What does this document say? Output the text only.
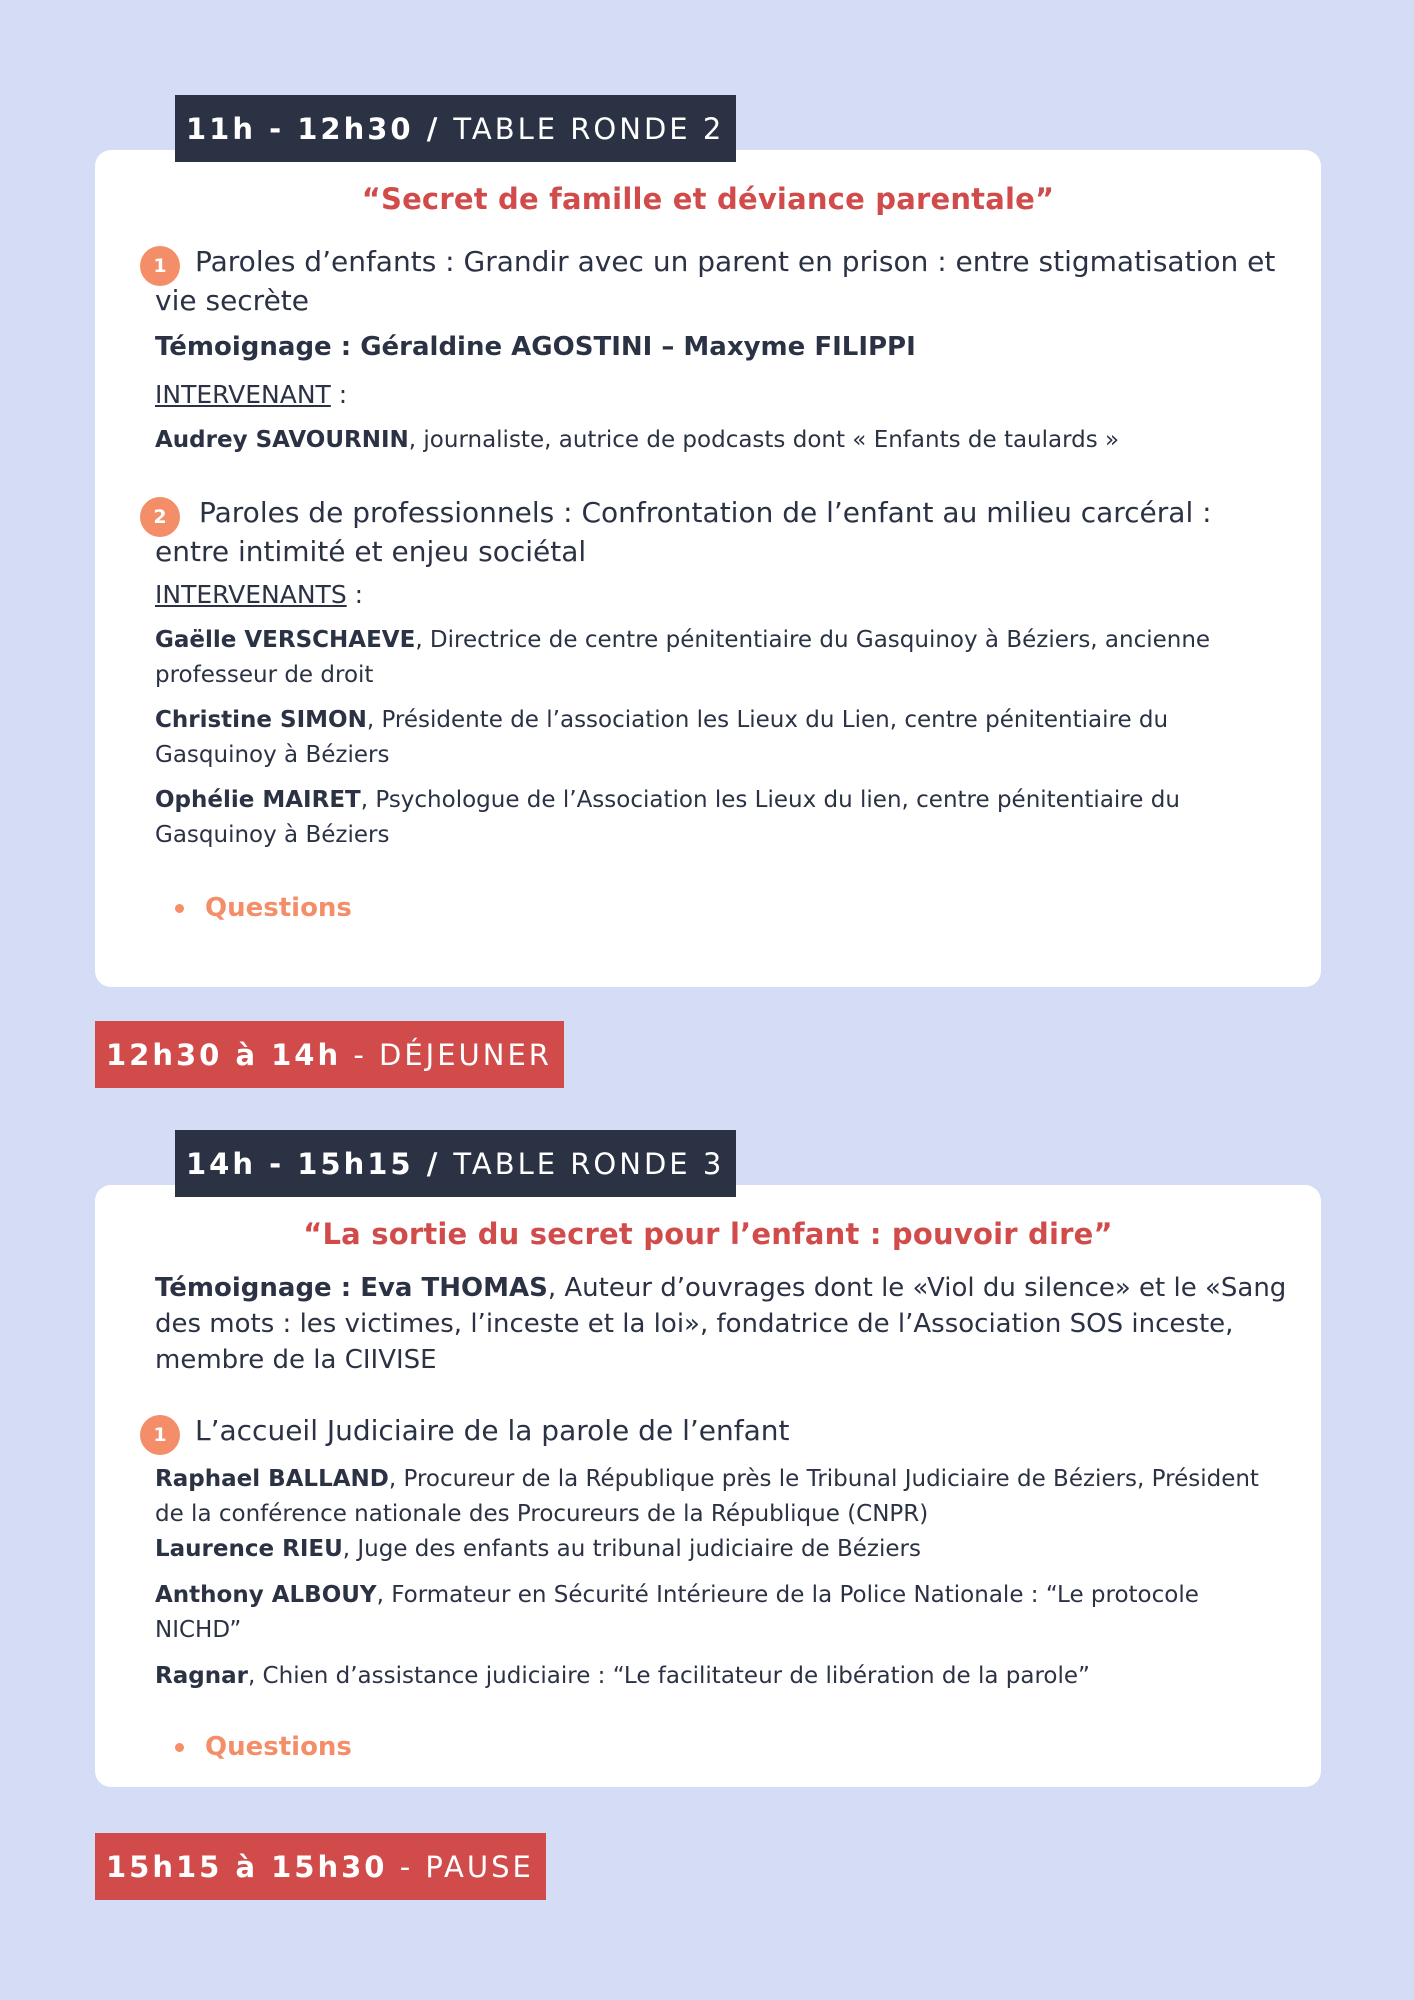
11h - 12h30 / TABLE RONDE 2
“Secret de famille et déviance parentale”
1	Paroles d’enfants : Grandir avec un parent en prison : entre stigmatisation et vie secrète
Témoignage : Géraldine AGOSTINI – Maxyme FILIPPI
INTERVENANT :
Audrey SAVOURNIN, journaliste, autrice de podcasts dont « Enfants de taulards »
2	Paroles de professionnels : Confrontation de l’enfant au milieu carcéral : entre intimité et enjeu sociétal
INTERVENANTS :
Gaëlle VERSCHAEVE, Directrice de centre pénitentiaire du Gasquinoy à Béziers, ancienne professeur de droit
Christine SIMON, Présidente de l’association les Lieux du Lien, centre pénitentiaire du Gasquinoy à Béziers
Ophélie MAIRET, Psychologue de l’Association les Lieux du lien, centre pénitentiaire du Gasquinoy à Béziers
Questions
12h30 à 14h - DÉJEUNER
14h - 15h15 / TABLE RONDE 3
“La sortie du secret pour l’enfant : pouvoir dire”
Témoignage : Eva THOMAS, Auteur d’ouvrages dont le «Viol du silence» et le «Sang des mots : les victimes, l’inceste et la loi», fondatrice de l’Association SOS inceste, membre de la CIIVISE
1	L’accueil Judiciaire de la parole de l’enfant
Raphael BALLAND, Procureur de la République près le Tribunal Judiciaire de Béziers, Président de la conférence nationale des Procureurs de la République (CNPR)
Laurence RIEU, Juge des enfants au tribunal judiciaire de Béziers
Anthony ALBOUY, Formateur en Sécurité Intérieure de la Police Nationale : “Le protocole NICHD”
Ragnar, Chien d’assistance judiciaire : “Le facilitateur de libération de la parole”
Questions
15h15 à 15h30 - PAUSE
